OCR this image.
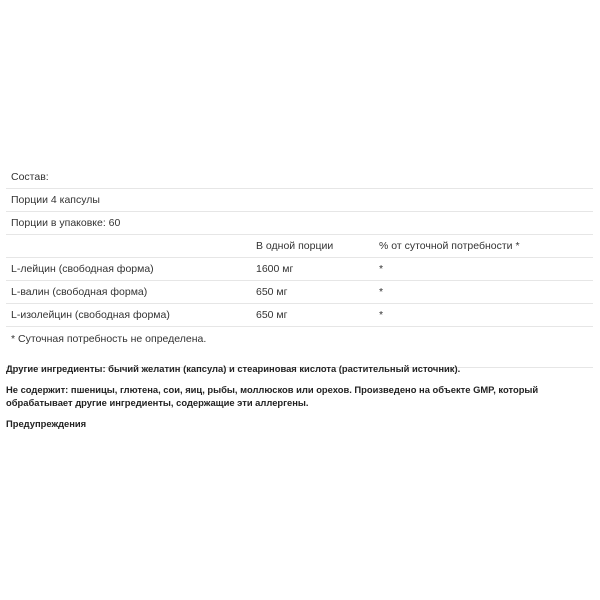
Состав:		
Порции 4 капсулы		
Порции в упаковке: 60		
	В одной порции	% от суточной потребности *
L-лейцин (свободная форма)	1600 мг	*
L-валин (свободная форма)	650 мг	*
L-изолейцин (свободная форма)	650 мг	*
* Суточная потребность не определена.		

Другие ингредиенты: бычий желатин (капсула) и стеариновая кислота (растительный источник).

Не содержит: пшеницы, глютена, сои, яиц, рыбы, моллюсков или орехов. Произведено на объекте GMP, который обрабатывает другие ингредиенты, содержащие эти аллергены.

Предупреждения
